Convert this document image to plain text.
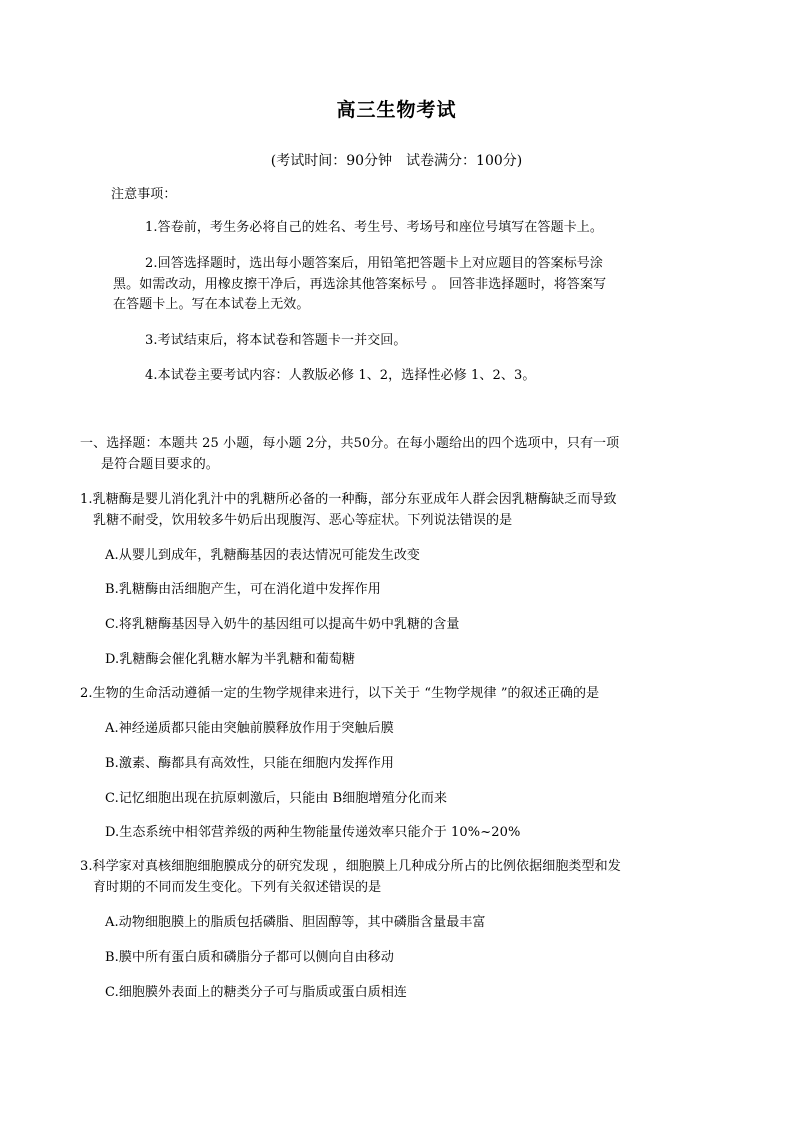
高三生物考试
(考试时间：90分钟　试卷满分：100分)
注意事项：
1.答卷前，考生务必将自己的姓名、考生号、考场号和座位号填写在答题卡上。
2.回答选择题时，选出每小题答案后，用铅笔把答题卡上对应题目的答案标号涂
黑。如需改动，用橡皮擦干净后，再选涂其他答案标号 。 回答非选择题时，将答案写
在答题卡上。写在本试卷上无效。
3.考试结束后，将本试卷和答题卡一并交回。
4.本试卷主要考试内容：人教版必修 1、2，选择性必修 1、2、3。
一、选择题：本题共 25 小题，每小题 2分，共50分。在每小题给出的四个选项中，只有一项
是符合题目要求的。
1.乳糖酶是婴儿消化乳汁中的乳糖所必备的一种酶，部分东亚成年人群会因乳糖酶缺乏而导致
乳糖不耐受，饮用较多牛奶后出现腹泻、恶心等症状。下列说法错误的是
A.从婴儿到成年，乳糖酶基因的表达情况可能发生改变
B.乳糖酶由活细胞产生，可在消化道中发挥作用
C.将乳糖酶基因导入奶牛的基因组可以提高牛奶中乳糖的含量
D.乳糖酶会催化乳糖水解为半乳糖和葡萄糖
2.生物的生命活动遵循一定的生物学规律来进行，以下关于 “生物学规律 ”的叙述正确的是
A.神经递质都只能由突触前膜释放作用于突触后膜
B.激素、酶都具有高效性，只能在细胞内发挥作用
C.记忆细胞出现在抗原刺激后，只能由 B细胞增殖分化而来
D.生态系统中相邻营养级的两种生物能量传递效率只能介于 10%~20%
3.科学家对真核细胞细胞膜成分的研究发现 ，细胞膜上几种成分所占的比例依据细胞类型和发
育时期的不同而发生变化。下列有关叙述错误的是
A.动物细胞膜上的脂质包括磷脂、胆固醇等，其中磷脂含量最丰富
B.膜中所有蛋白质和磷脂分子都可以侧向自由移动
C.细胞膜外表面上的糖类分子可与脂质或蛋白质相连
